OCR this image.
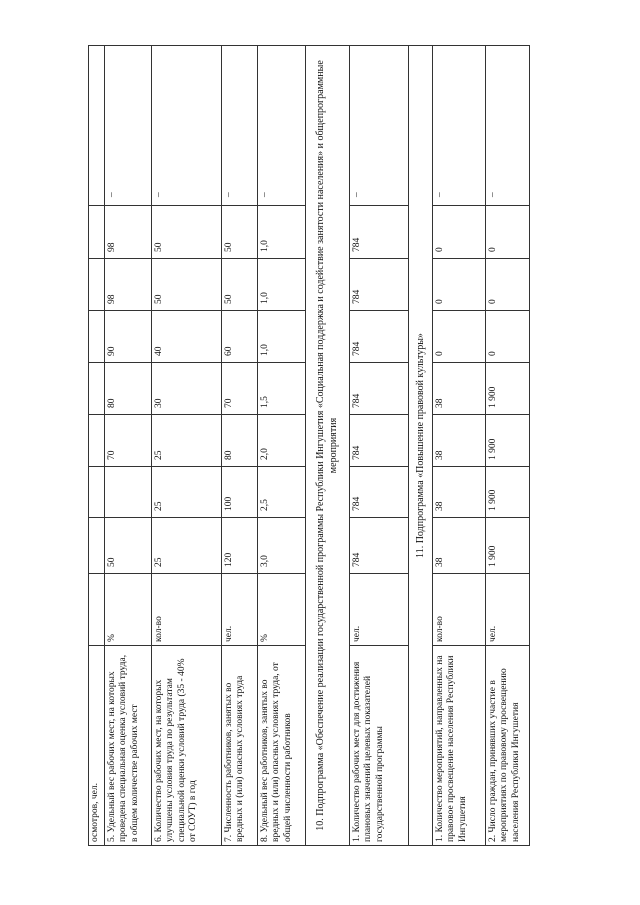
осмотров, чел.									
5. Удельный вес рабочих мест, на которых проведена специальная оценка условий труда, в общем количестве рабочих мест	%	50		70	80	90	98	98	–
6. Количество рабочих мест, на которых улучшены условия труда по результатам специальной оценки условий труда (35 - 40% от СОУТ) в год	кол-во	25	25	25	30	40	50	50	–
7. Численность работников, занятых во вредных и (или) опасных условиях труда	чел.	120	100	80	70	60	50	50	–
8. Удельный вес работников, занятых во вредных и (или) опасных условиях труда, от общей численности работников	%	3,0	2,5	2,0	1,5	1,0	1,0	1,0	–
10. Подпрограмма «Обеспечение реализации государственной программы Республики Ингушетия «Социальная поддержка и содействие занятости населения» и общепрограммные мероприятия									
1. Количество рабочих мест для достижения плановых значений целевых показателей государственной программы	чел.	784	784	784	784	784	784	784	–
11. Подпрограмма «Повышение правовой культуры»									
1. Количество мероприятий, направленных на правовое просвещение населения Республики Ингушетия	кол-во	38	38	38	38	0	0	0	–
2. Число граждан, принявших участие в мероприятиях по правовому просвещению населения Республики Ингушетия	чел.	1 900	1 900	1 900	1 900	0	0	0	–
